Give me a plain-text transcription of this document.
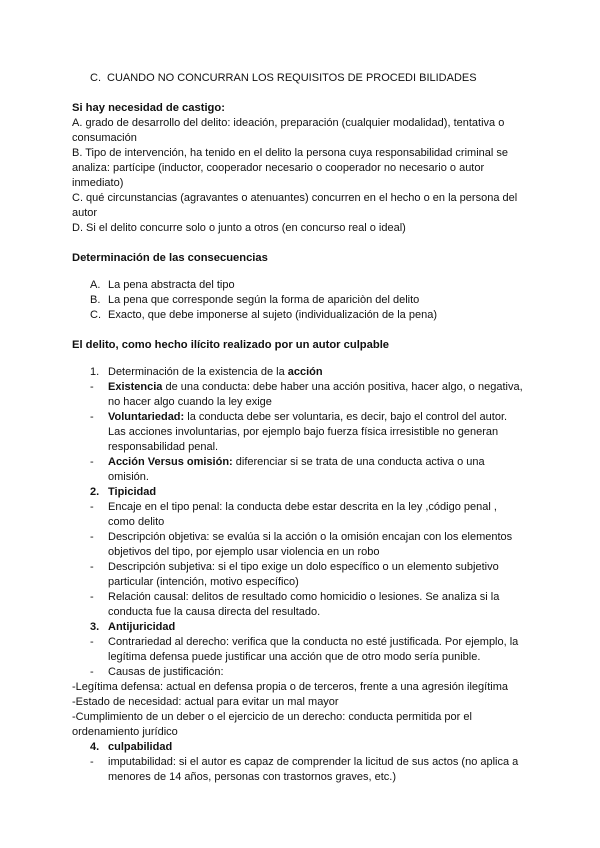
C. CUANDO NO CONCURRAN LOS REQUISITOS DE PROCEDI BILIDADES
Si hay necesidad de castigo:
A. grado de desarrollo del delito: ideación, preparación (cualquier modalidad), tentativa o
consumación
B. Tipo de intervención, ha tenido en el delito la persona cuya responsabilidad criminal se
analiza: partícipe (inductor, cooperador necesario o cooperador no necesario o autor
inmediato)
C. qué circunstancias (agravantes o atenuantes) concurren en el hecho o en la persona del
autor
D. Si el delito concurre solo o junto a otros (en concurso real o ideal)
Determinación de las consecuencias
A. La pena abstracta del tipo
B. La pena que corresponde según la forma de apariciòn del delito
C. Exacto, que debe imponerse al sujeto (individualización de la pena)
El delito, como hecho ilícito realizado por un autor culpable
1. Determinación de la existencia de la acción
- Existencia de una conducta: debe haber una acción positiva, hacer algo, o negativa,
no hacer algo cuando la ley exige
- Voluntariedad: la conducta debe ser voluntaria, es decir, bajo el control del autor.
Las acciones involuntarias, por ejemplo bajo fuerza física irresistible no generan
responsabilidad penal.
- Acción Versus omisión: diferenciar si se trata de una conducta activa o una
omisión.
2. Tipicidad
- Encaje en el tipo penal: la conducta debe estar descrita en la ley ,código penal ,
como delito
- Descripción objetiva: se evalúa si la acción o la omisión encajan con los elementos
objetivos del tipo, por ejemplo usar violencia en un robo
- Descripción subjetiva: si el tipo exige un dolo específico o un elemento subjetivo
particular (intención, motivo específico)
- Relación causal: delitos de resultado como homicidio o lesiones. Se analiza si la
conducta fue la causa directa del resultado.
3. Antijuricidad
- Contrariedad al derecho: verifica que la conducta no esté justificada. Por ejemplo, la
legítima defensa puede justificar una acción que de otro modo sería punible.
- Causas de justificación:
-Legítima defensa: actual en defensa propia o de terceros, frente a una agresión ilegítima
-Estado de necesidad: actual para evitar un mal mayor
-Cumplimiento de un deber o el ejercicio de un derecho: conducta permitida por el
ordenamiento jurídico
4. culpabilidad
- imputabilidad: si el autor es capaz de comprender la licitud de sus actos (no aplica a
menores de 14 años, personas con trastornos graves, etc.)
